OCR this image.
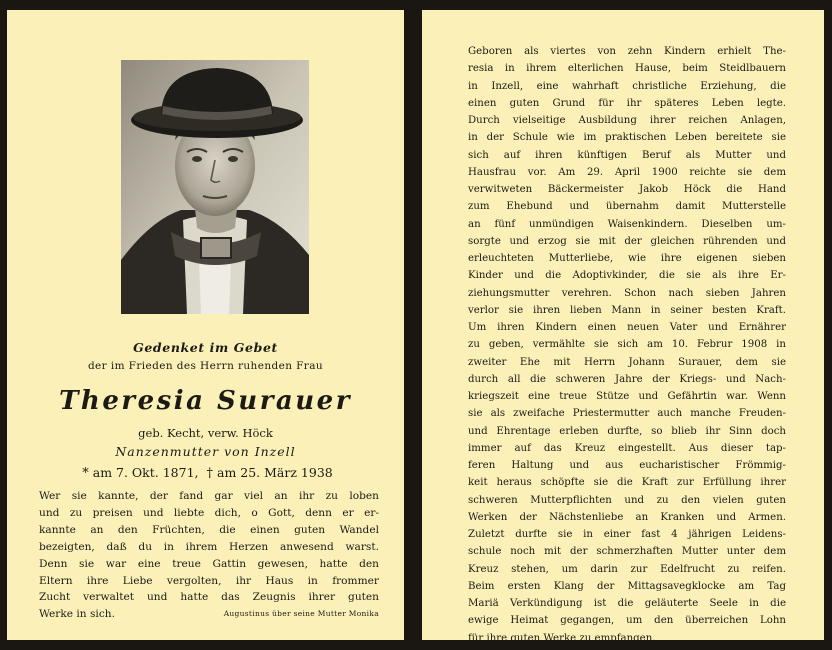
Gedenket im Gebet
der im Frieden des Herrn ruhenden Frau
Theresia Surauer
geb. Kecht, verw. Höck
Nanzenmutter von Inzell
* am 7. Okt. 1871, † am 25. März 1938
Wer sie kannte, der fand gar viel an ihr zu loben
und zu preisen und liebte dich, o Gott, denn er er-
kannte an den Früchten, die einen guten Wandel
bezeigten, daß du in ihrem Herzen anwesend warst.
Denn sie war eine treue Gattin gewesen, hatte den
Eltern ihre Liebe vergolten, ihr Haus in frommer
Zucht verwaltet und hatte das Zeugnis ihrer guten
Werke in sich.	Augustinus über seine Mutter Monika
Geboren als viertes von zehn Kindern erhielt The-
resia in ihrem elterlichen Hause, beim Steidlbauern
in Inzell, eine wahrhaft christliche Erziehung, die
einen guten Grund für ihr späteres Leben legte.
Durch vielseitige Ausbildung ihrer reichen Anlagen,
in der Schule wie im praktischen Leben bereitete sie
sich auf ihren künftigen Beruf als Mutter und
Hausfrau vor. Am 29. April 1900 reichte sie dem
verwitweten Bäckermeister Jakob Höck die Hand
zum Ehebund und übernahm damit Mutterstelle
an fünf unmündigen Waisenkindern. Dieselben um-
sorgte und erzog sie mit der gleichen rührenden und
erleuchteten Mutterliebe, wie ihre eigenen sieben
Kinder und die Adoptivkinder, die sie als ihre Er-
ziehungsmutter verehren. Schon nach sieben Jahren
verlor sie ihren lieben Mann in seiner besten Kraft.
Um ihren Kindern einen neuen Vater und Ernährer
zu geben, vermählte sie sich am 10. Februr 1908 in
zweiter Ehe mit Herrn Johann Surauer, dem sie
durch all die schweren Jahre der Kriegs- und Nach-
kriegszeit eine treue Stütze und Gefährtin war. Wenn
sie als zweifache Priestermutter auch manche Freuden-
und Ehrentage erleben durfte, so blieb ihr Sinn doch
immer auf das Kreuz eingestellt. Aus dieser tap-
feren Haltung und aus eucharistischer Frömmig-
keit heraus schöpfte sie die Kraft zur Erfüllung ihrer
schweren Mutterpflichten und zu den vielen guten
Werken der Nächstenliebe an Kranken und Armen.
Zuletzt durfte sie in einer fast 4 jährigen Leidens-
schule noch mit der schmerzhaften Mutter unter dem
Kreuz stehen, um darin zur Edelfrucht zu reifen.
Beim ersten Klang der Mittagsavegklocke am Tag
Mariä Verkündigung ist die geläuterte Seele in die
ewige Heimat gegangen, um den überreichen Lohn
für ihre guten Werke zu empfangen.
